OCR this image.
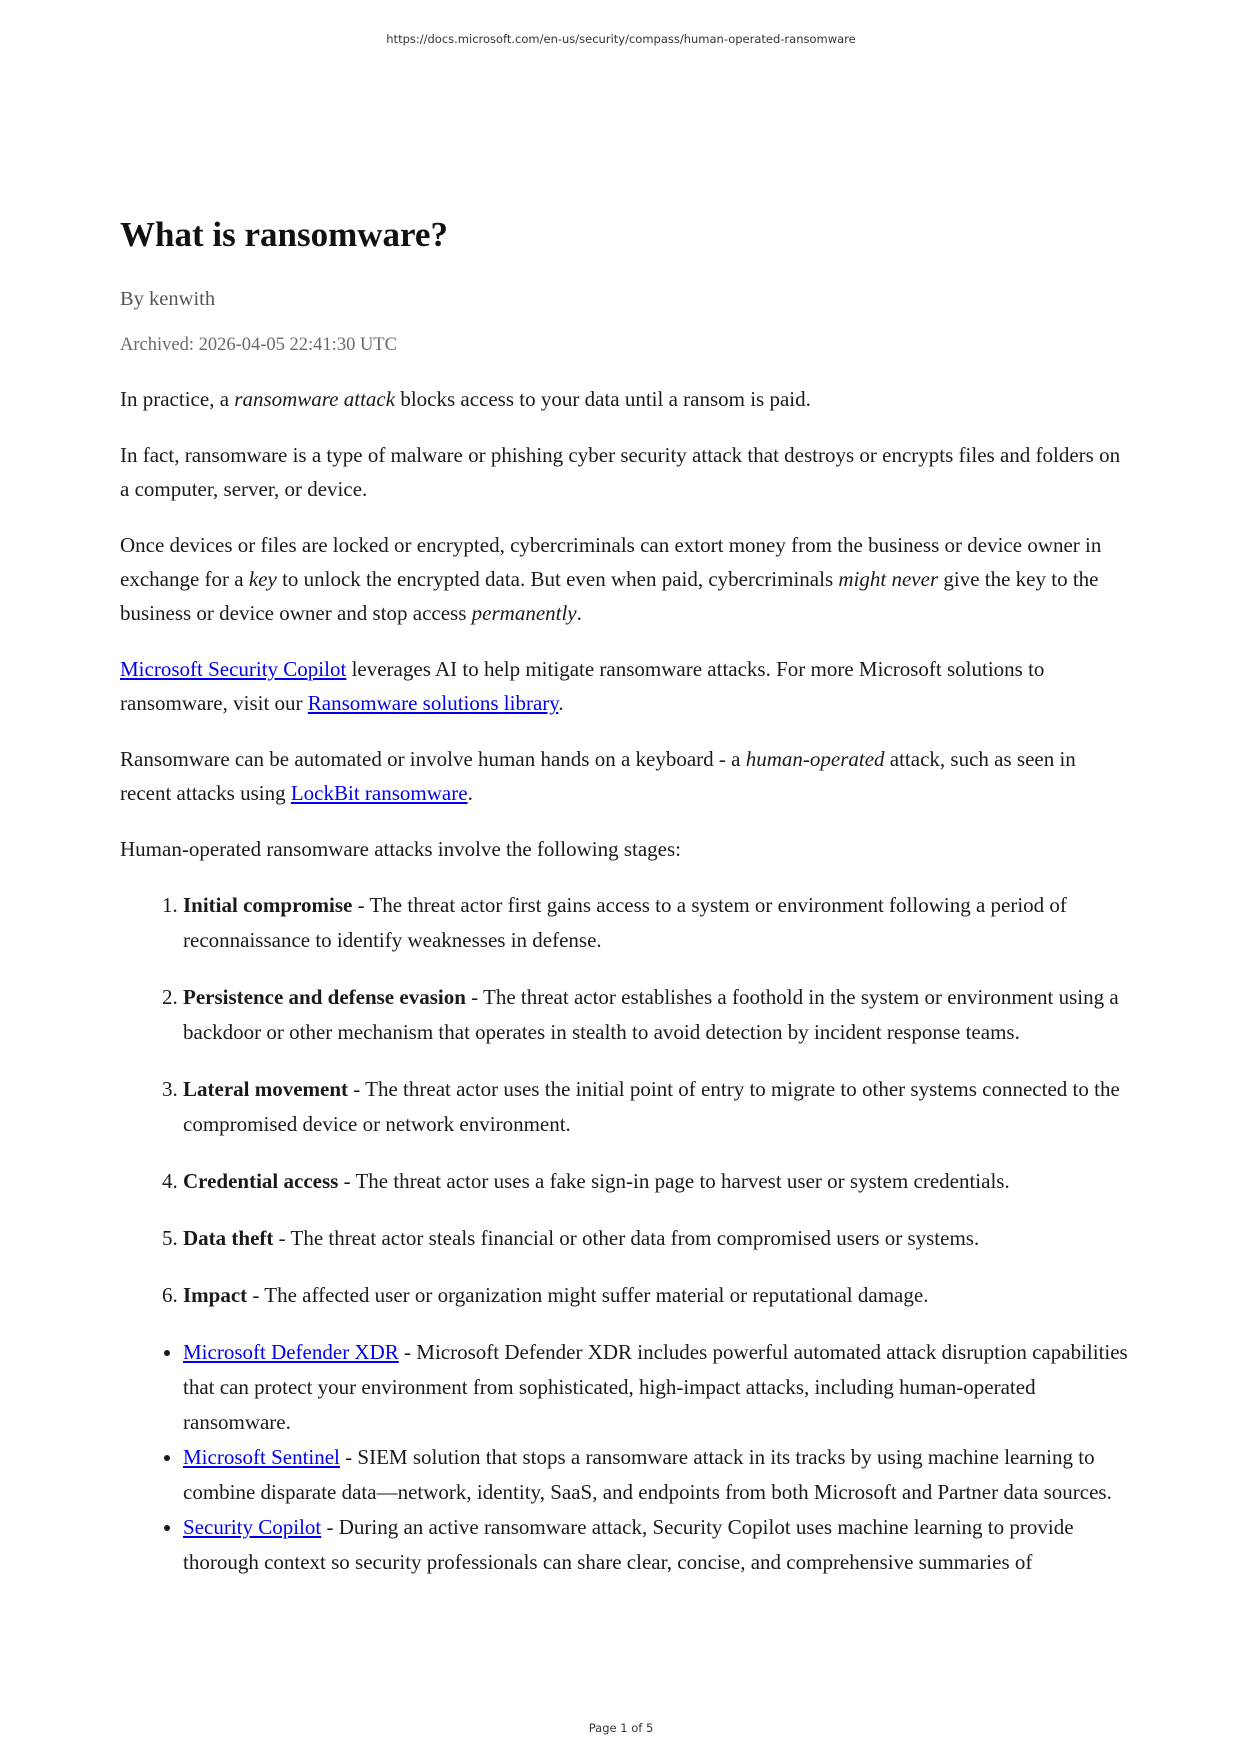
https://docs.microsoft.com/en-us/security/compass/human-operated-ransomware
What is ransomware?
By kenwith
Archived: 2026-04-05 22:41:30 UTC

In practice, a ransomware attack blocks access to your data until a ransom is paid.

In fact, ransomware is a type of malware or phishing cyber security attack that destroys or encrypts files and folders on a computer, server, or device.

Once devices or files are locked or encrypted, cybercriminals can extort money from the business or device owner in exchange for a key to unlock the encrypted data. But even when paid, cybercriminals might never give the key to the business or device owner and stop access permanently.

Microsoft Security Copilot leverages AI to help mitigate ransomware attacks. For more Microsoft solutions to ransomware, visit our Ransomware solutions library.

Ransomware can be automated or involve human hands on a keyboard - a human-operated attack, such as seen in recent attacks using LockBit ransomware.

Human-operated ransomware attacks involve the following stages:

1. Initial compromise - The threat actor first gains access to a system or environment following a period of reconnaissance to identify weaknesses in defense.
2. Persistence and defense evasion - The threat actor establishes a foothold in the system or environment using a backdoor or other mechanism that operates in stealth to avoid detection by incident response teams.
3. Lateral movement - The threat actor uses the initial point of entry to migrate to other systems connected to the compromised device or network environment.
4. Credential access - The threat actor uses a fake sign-in page to harvest user or system credentials.
5. Data theft - The threat actor steals financial or other data from compromised users or systems.
6. Impact - The affected user or organization might suffer material or reputational damage.
• Microsoft Defender XDR - Microsoft Defender XDR includes powerful automated attack disruption capabilities that can protect your environment from sophisticated, high-impact attacks, including human-operated ransomware.
• Microsoft Sentinel - SIEM solution that stops a ransomware attack in its tracks by using machine learning to combine disparate data—network, identity, SaaS, and endpoints from both Microsoft and Partner data sources.
• Security Copilot - During an active ransomware attack, Security Copilot uses machine learning to provide thorough context so security professionals can share clear, concise, and comprehensive summaries of
Page 1 of 5
